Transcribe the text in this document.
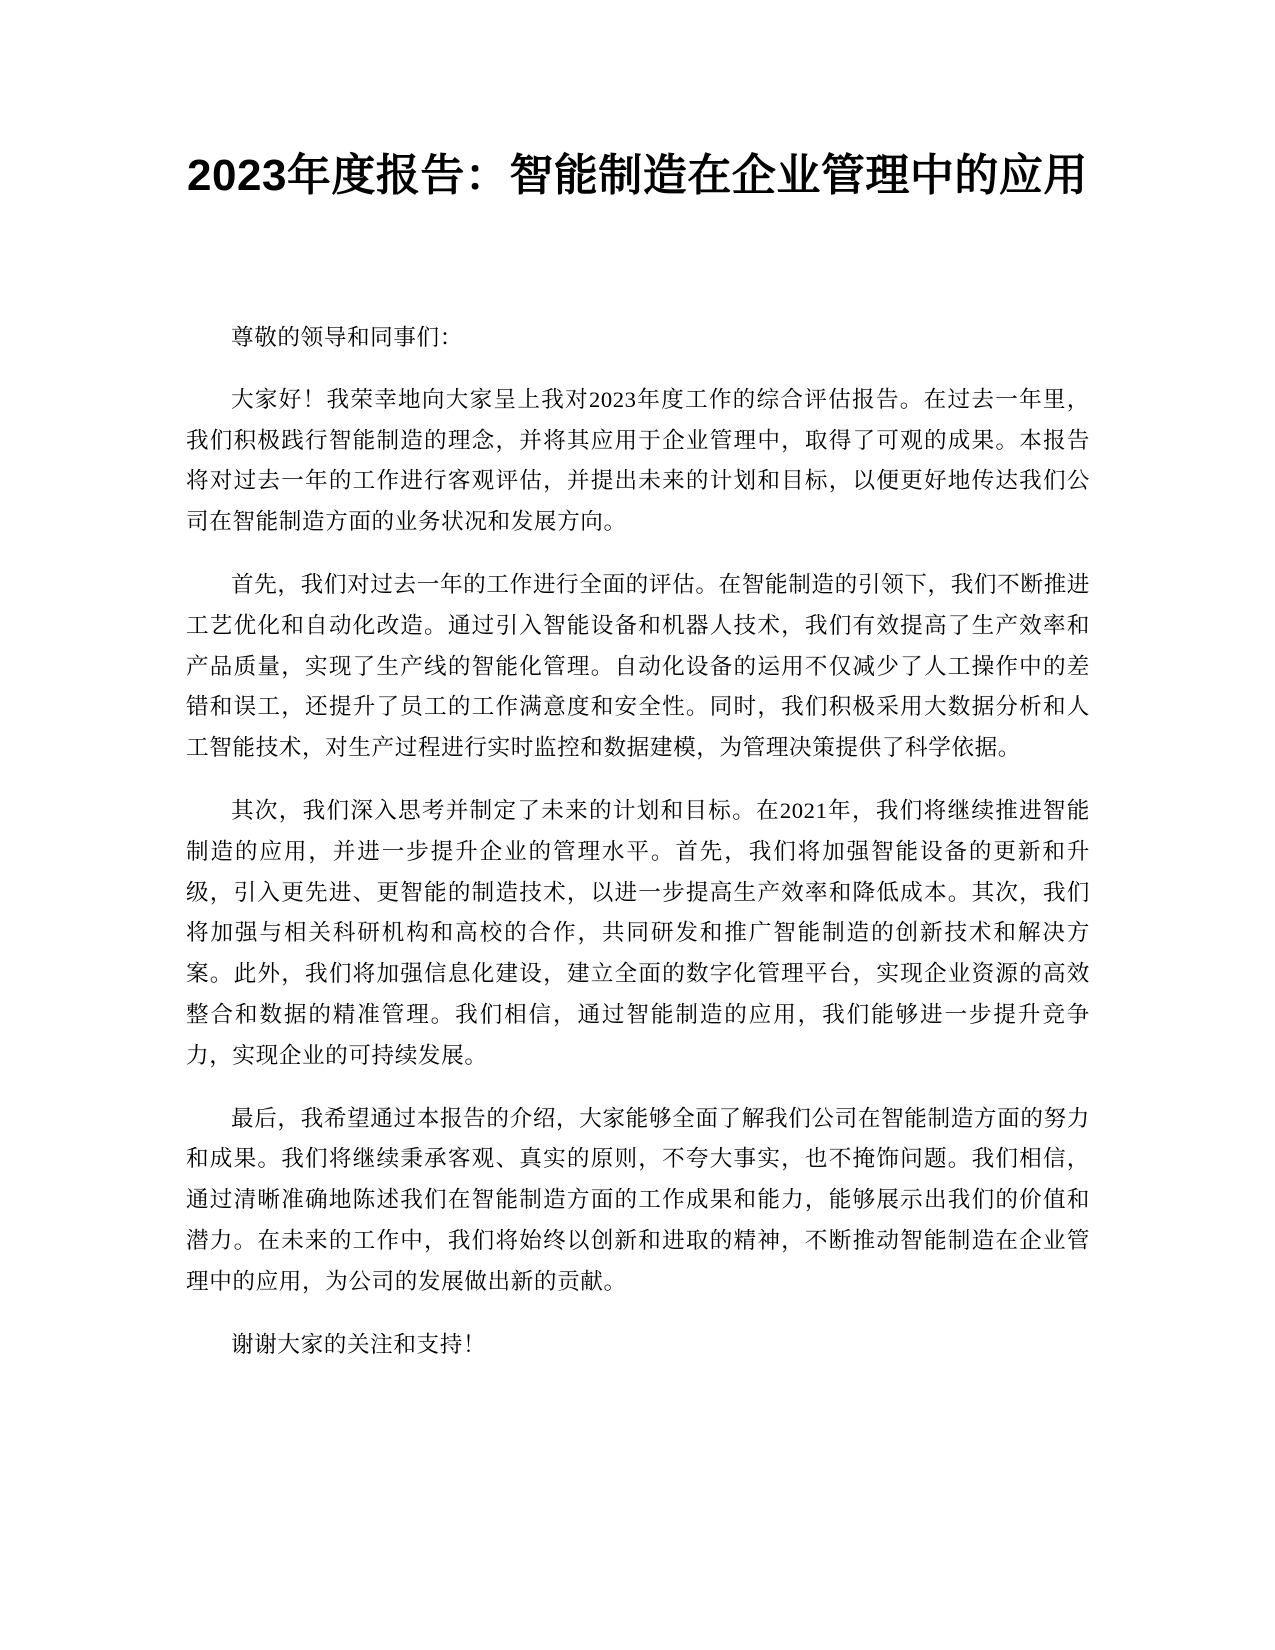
2023年度报告：智能制造在企业管理中的应用

尊敬的领导和同事们：

大家好！我荣幸地向大家呈上我对2023年度工作的综合评估报告。在过去一年里，我们积极践行智能制造的理念，并将其应用于企业管理中，取得了可观的成果。本报告将对过去一年的工作进行客观评估，并提出未来的计划和目标，以便更好地传达我们公司在智能制造方面的业务状况和发展方向。

首先，我们对过去一年的工作进行全面的评估。在智能制造的引领下，我们不断推进工艺优化和自动化改造。通过引入智能设备和机器人技术，我们有效提高了生产效率和产品质量，实现了生产线的智能化管理。自动化设备的运用不仅减少了人工操作中的差错和误工，还提升了员工的工作满意度和安全性。同时，我们积极采用大数据分析和人工智能技术，对生产过程进行实时监控和数据建模，为管理决策提供了科学依据。

其次，我们深入思考并制定了未来的计划和目标。在2021年，我们将继续推进智能制造的应用，并进一步提升企业的管理水平。首先，我们将加强智能设备的更新和升级，引入更先进、更智能的制造技术，以进一步提高生产效率和降低成本。其次，我们将加强与相关科研机构和高校的合作，共同研发和推广智能制造的创新技术和解决方案。此外，我们将加强信息化建设，建立全面的数字化管理平台，实现企业资源的高效整合和数据的精准管理。我们相信，通过智能制造的应用，我们能够进一步提升竞争力，实现企业的可持续发展。

最后，我希望通过本报告的介绍，大家能够全面了解我们公司在智能制造方面的努力和成果。我们将继续秉承客观、真实的原则，不夸大事实，也不掩饰问题。我们相信，通过清晰准确地陈述我们在智能制造方面的工作成果和能力，能够展示出我们的价值和潜力。在未来的工作中，我们将始终以创新和进取的精神，不断推动智能制造在企业管理中的应用，为公司的发展做出新的贡献。

谢谢大家的关注和支持！
